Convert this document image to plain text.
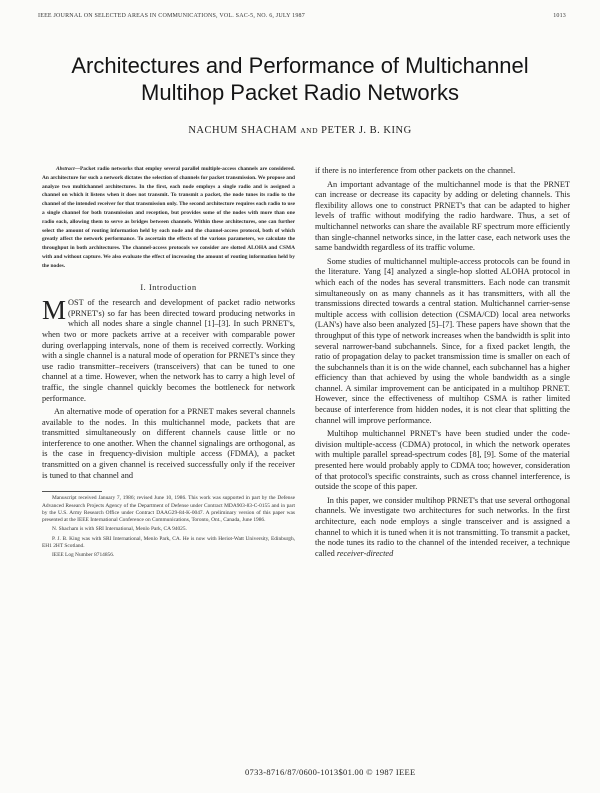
IEEE JOURNAL ON SELECTED AREAS IN COMMUNICATIONS, VOL. SAC-5, NO. 6, JULY 1987	1013
Architectures and Performance of Multichannel Multihop Packet Radio Networks
NACHUM SHACHAM AND PETER J. B. KING

Abstract—Packet radio networks that employ several parallel multiple-access channels are considered. An architecture for such a network dictates the selection of channels for packet transmission. We propose and analyze two multichannel architectures. In the first, each node employs a single radio and is assigned a channel on which it listens when it does not transmit. To transmit a packet, the node tunes its radio to the channel of the intended receiver for that transmission only. The second architecture requires each radio to use a single channel for both transmission and reception, but provides some of the nodes with more than one radio each, allowing them to serve as bridges between channels. Within these architectures, one can further select the amount of routing information held by each node and the channel-access protocol, both of which greatly affect the network performance. To ascertain the effects of the various parameters, we calculate the throughput in both architectures. The channel-access protocols we consider are slotted ALOHA and CSMA with and without capture. We also evaluate the effect of increasing the amount of routing information held by the nodes.

I. Introduction

MOST of the research and development of packet radio networks (PRNET's) so far has been directed toward producing networks in which all nodes share a single channel [1]–[3]. In such PRNET's, when two or more packets arrive at a receiver with comparable power during overlapping intervals, none of them is received correctly. Working with a single channel is a natural mode of operation for PRNET's since they use radio transmitter–receivers (transceivers) that can be tuned to one channel at a time. However, when the network has to carry a high level of traffic, the single channel quickly becomes the bottleneck for network performance.

An alternative mode of operation for a PRNET makes several channels available to the nodes. In this multichannel mode, packets that are transmitted simultaneously on different channels cause little or no interference to one another. When the channel signalings are orthogonal, as is the case in frequency-division multiple access (FDMA), a packet transmitted on a given channel is received successfully only if the receiver is tuned to that channel and

Manuscript received January 7, 1986; revised June 10, 1986. This work was supported in part by the Defense Advanced Research Projects Agency of the Department of Defense under Contract MDA903-83-C-0155 and in part by the U.S. Army Research Office under Contract DAAG29-84-K-0047. A preliminary version of this paper was presented at the IEEE International Conference on Communications, Toronto, Ont., Canada, June 1986.

N. Shacham is with SRI International, Menlo Park, CA 94025.

P. J. B. King was with SRI International, Menlo Park, CA. He is now with Heriot-Watt University, Edinburgh, EH1 2HT Scotland.

IEEE Log Number 8714856.

if there is no interference from other packets on the channel.

An important advantage of the multichannel mode is that the PRNET can increase or decrease its capacity by adding or deleting channels. This flexibility allows one to construct PRNET's that can be adapted to higher levels of traffic without modifying the radio hardware. Thus, a set of multichannel networks can share the available RF spectrum more efficiently than single-channel networks since, in the latter case, each network uses the same bandwidth regardless of its traffic volume.

Some studies of multichannel multiple-access protocols can be found in the literature. Yang [4] analyzed a single-hop slotted ALOHA protocol in which each of the nodes has several transmitters. Each node can transmit simultaneously on as many channels as it has transmitters, with all the transmissions directed towards a central station. Multichannel carrier-sense multiple access with collision detection (CSMA/CD) local area networks (LAN's) have also been analyzed [5]–[7]. These papers have shown that the throughput of this type of network increases when the bandwidth is split into several narrower-band subchannels. Since, for a fixed packet length, the ratio of propagation delay to packet transmission time is smaller on each of the subchannels than it is on the wide channel, each subchannel has a higher efficiency than that achieved by using the whole bandwidth as a single channel. A similar improvement can be anticipated in a multihop PRNET. However, since the effectiveness of multihop CSMA is rather limited because of interference from hidden nodes, it is not clear that splitting the channel will improve performance.

Multihop multichannel PRNET's have been studied under the code-division multiple-access (CDMA) protocol, in which the network operates with multiple parallel spread-spectrum codes [8], [9]. Some of the material presented here would probably apply to CDMA too; however, consideration of that protocol's specific constraints, such as cross channel interference, is outside the scope of this paper.

In this paper, we consider multihop PRNET's that use several orthogonal channels. We investigate two architectures for such networks. In the first architecture, each node employs a single transceiver and is assigned a channel to which it is tuned when it is not transmitting. To transmit a packet, the node tunes its radio to the channel of the intended receiver, a technique called receiver-directed

0733-8716/87/0600-1013$01.00 © 1987 IEEE
